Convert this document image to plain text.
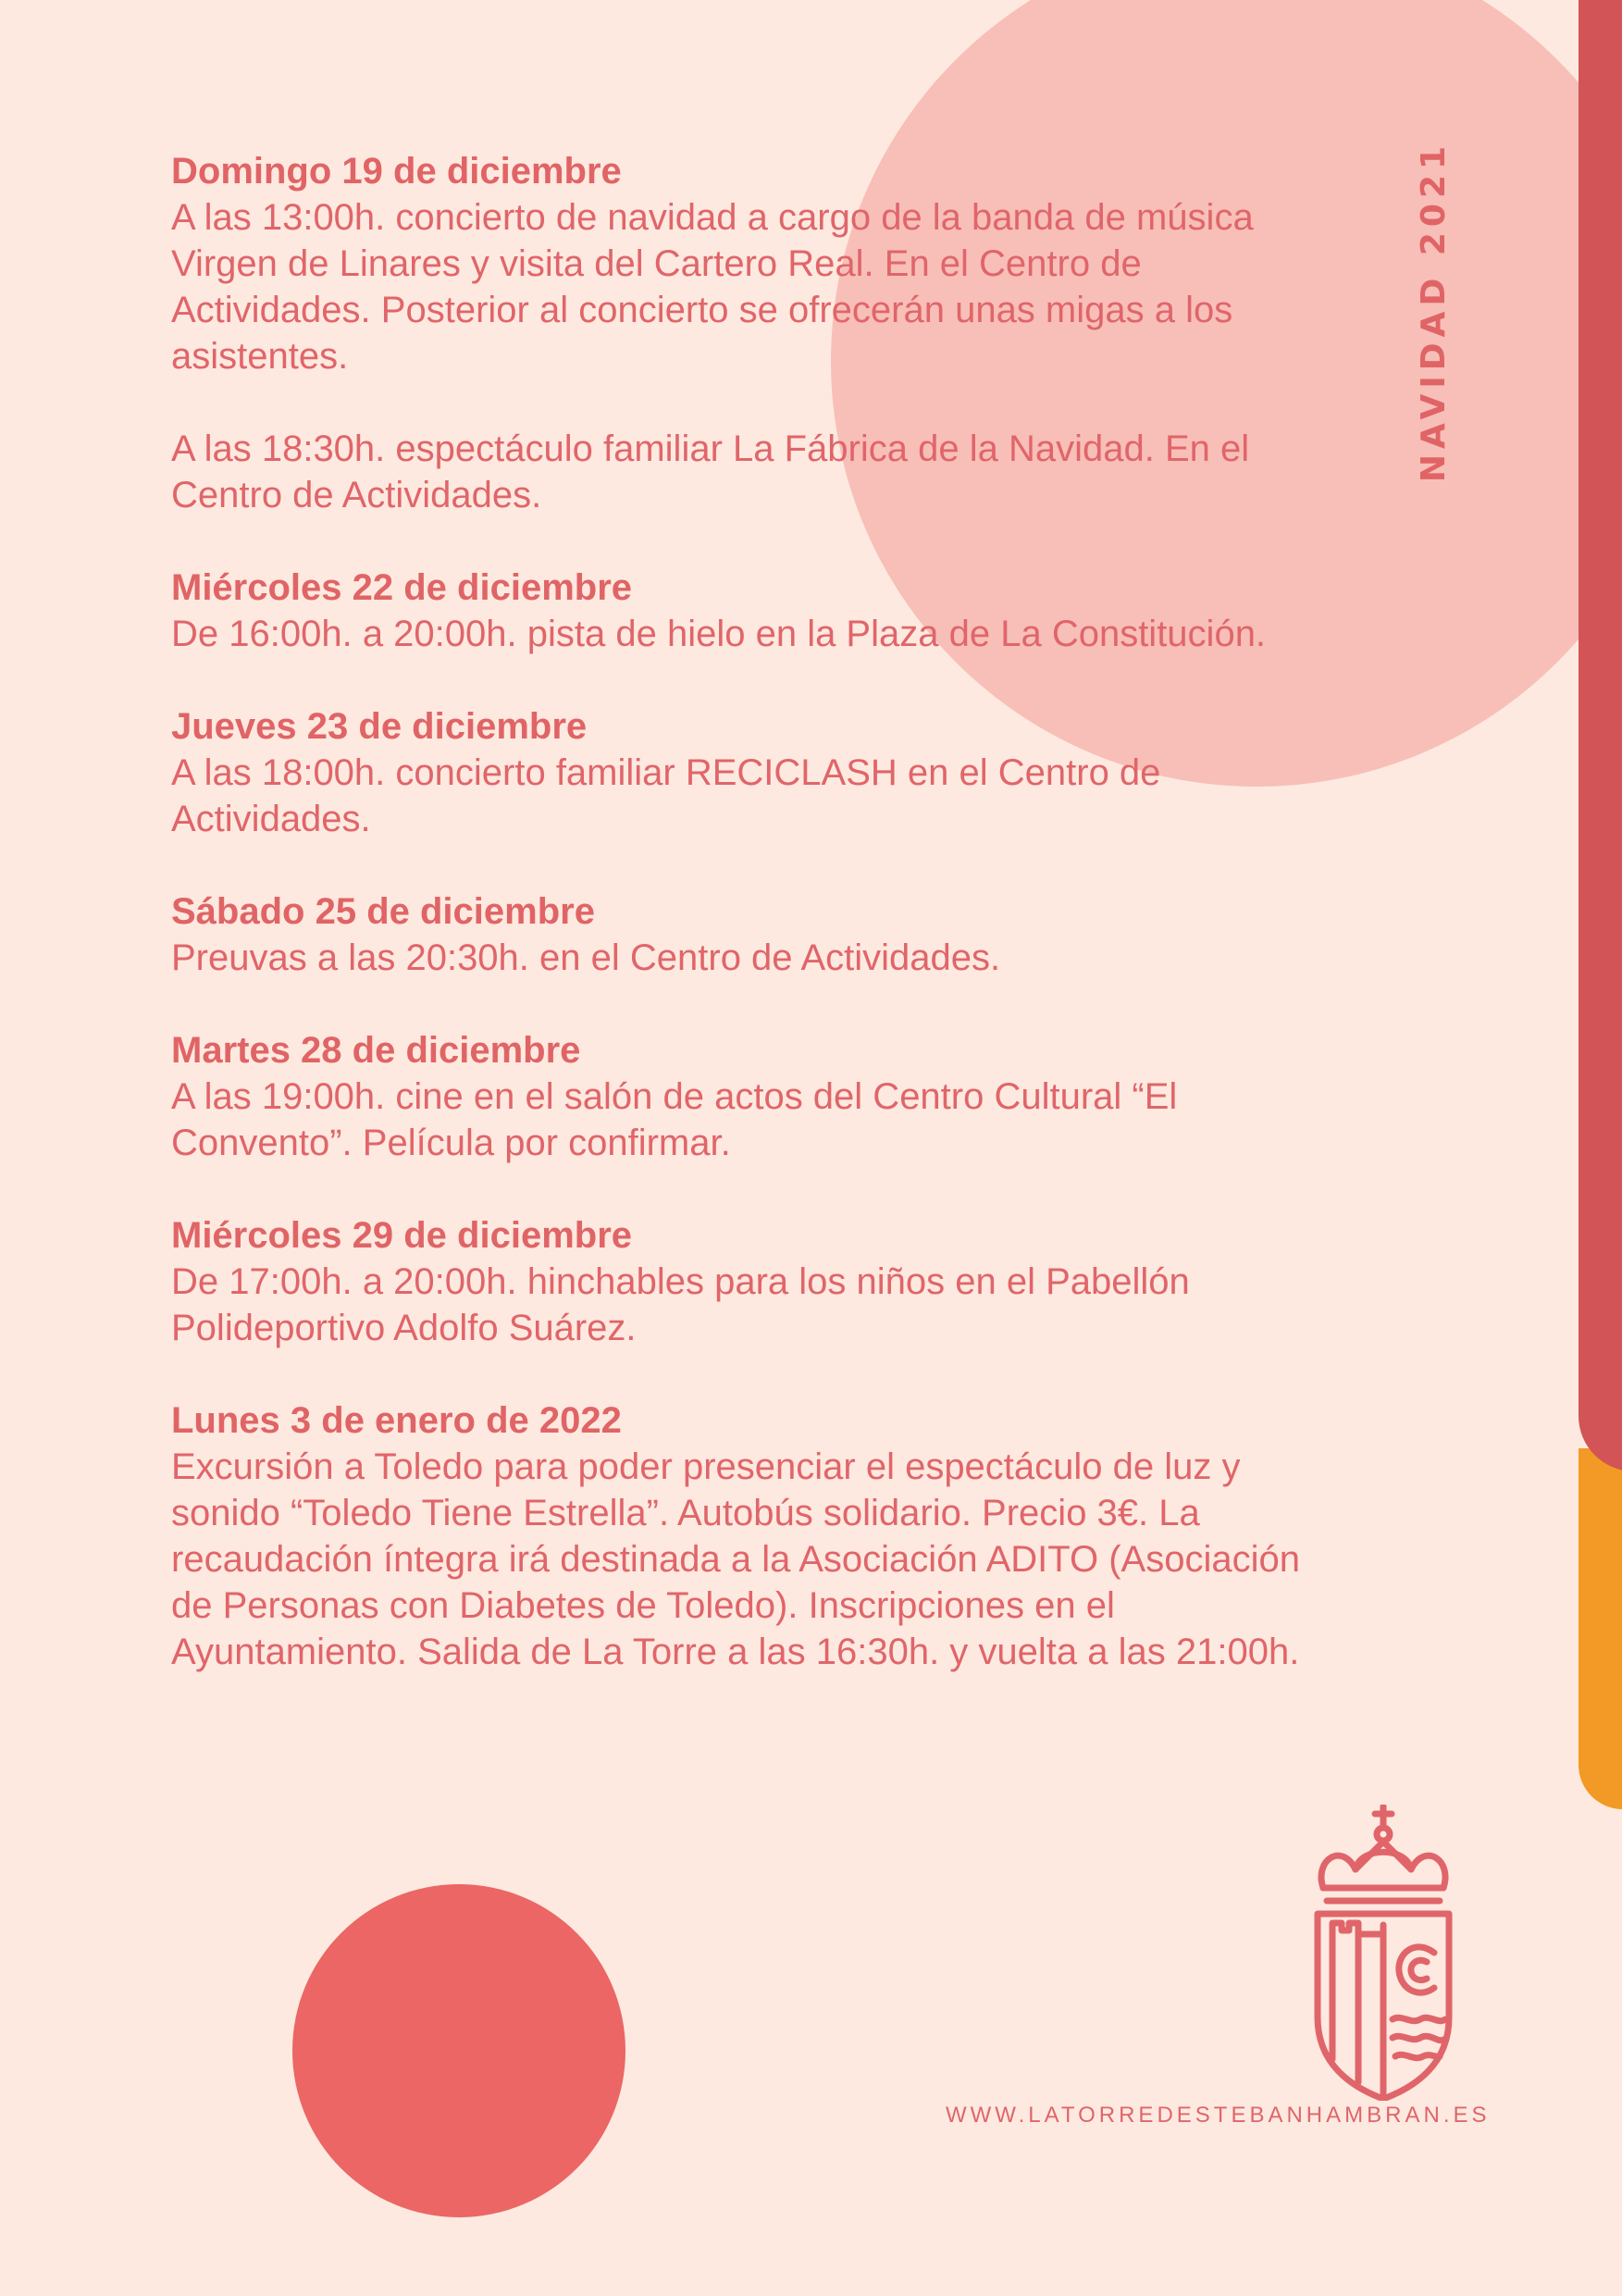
NAVIDAD 2021
Domingo 19 de diciembre

A las 13:00h. concierto de navidad a cargo de la banda de música Virgen de Linares y visita del Cartero Real. En el Centro de Actividades. Posterior al concierto se ofrecerán unas migas a los asistentes.

A las 18:30h. espectáculo familiar La Fábrica de la Navidad. En el Centro de Actividades.

Miércoles 22 de diciembre

De 16:00h. a 20:00h. pista de hielo en la Plaza de La Constitución.

Jueves 23 de diciembre

A las 18:00h. concierto familiar RECICLASH en el Centro de Actividades.

Sábado 25 de diciembre

Preuvas a las 20:30h. en el Centro de Actividades.

Martes 28 de diciembre

A las 19:00h. cine en el salón de actos del Centro Cultural “El Convento”. Película por confirmar.

Miércoles 29 de diciembre

De 17:00h. a 20:00h. hinchables para los niños en el Pabellón Polideportivo Adolfo Suárez.

Lunes 3 de enero de 2022

Excursión a Toledo para poder presenciar el espectáculo de luz y sonido “Toledo Tiene Estrella”. Autobús solidario. Precio 3€. La recaudación íntegra irá destinada a la Asociación ADITO (Asociación de Personas con Diabetes de Toledo). Inscripciones en el Ayuntamiento. Salida de La Torre a las 16:30h. y vuelta a las 21:00h.

WWW.LATORREDESTEBANHAMBRAN.ES
